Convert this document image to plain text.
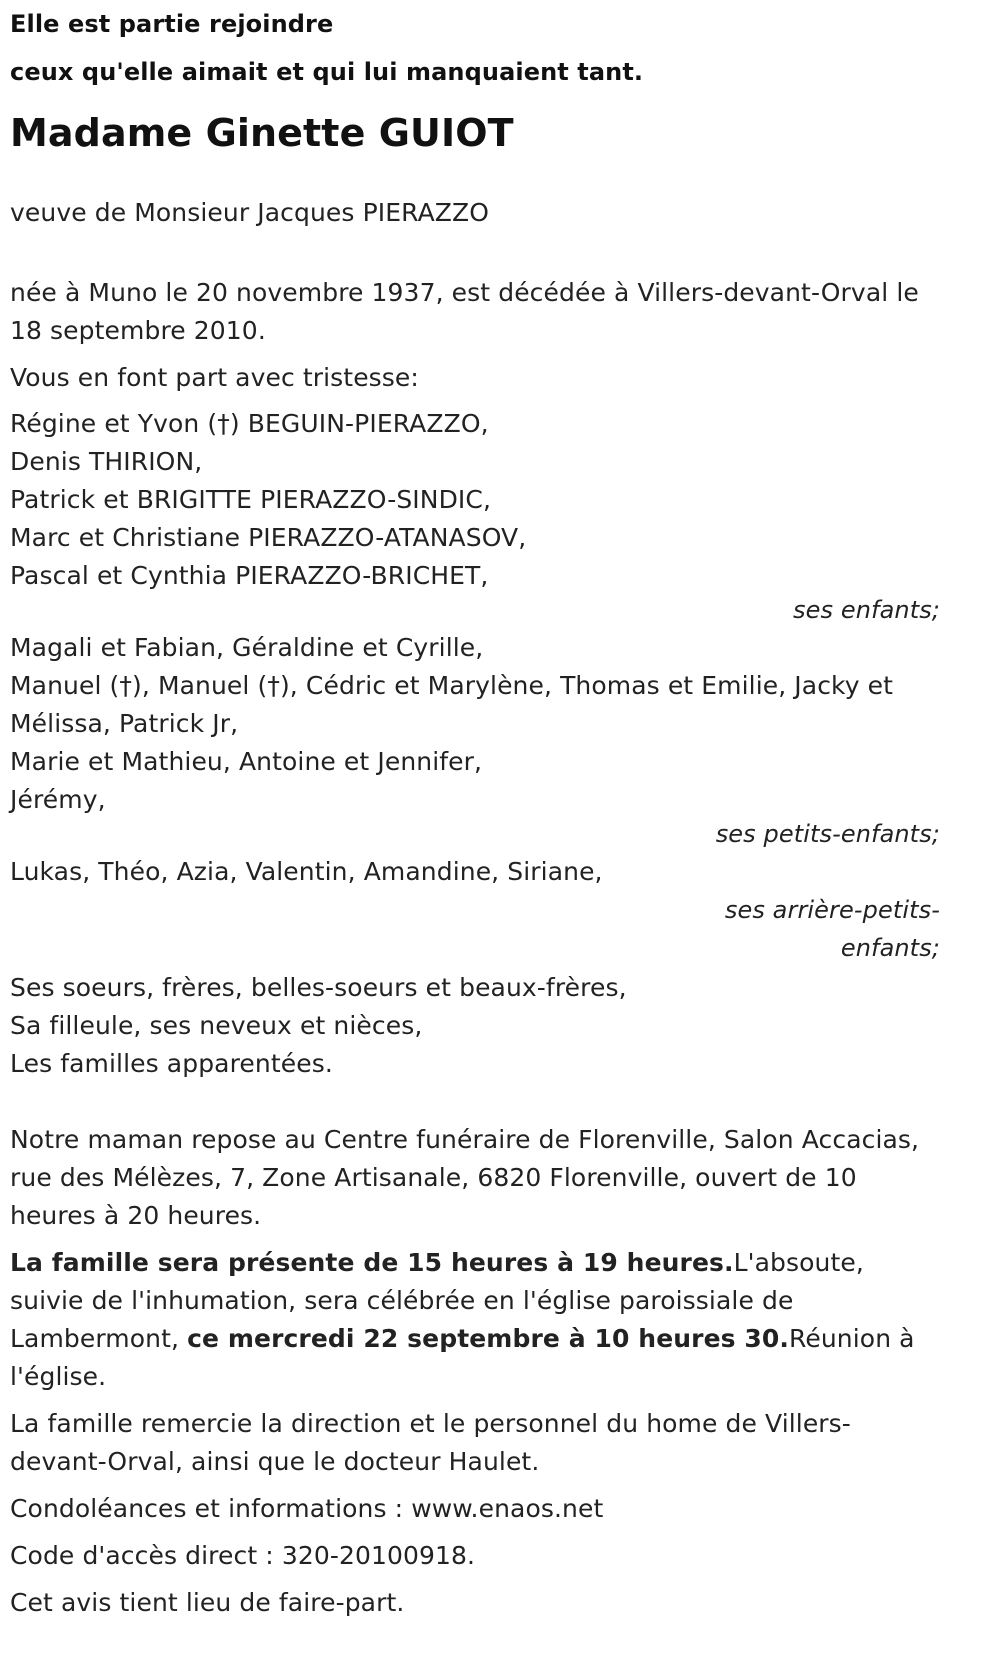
Elle est partie rejoindre

ceux qu'elle aimait et qui lui manquaient tant.

Madame Ginette GUIOT

veuve de Monsieur Jacques PIERAZZO

née à Muno le 20 novembre 1937, est décédée à Villers-devant-Orval le 18 septembre 2010.

Vous en font part avec tristesse:

Régine et Yvon (†) BEGUIN-PIERAZZO,
Denis THIRION,
Patrick et BRIGITTE PIERAZZO-SINDIC,
Marc et Christiane PIERAZZO-ATANASOV,
Pascal et Cynthia PIERAZZO-BRICHET,

ses enfants;

Magali et Fabian, Géraldine et Cyrille,
Manuel (†), Manuel (†), Cédric et Marylène, Thomas et Emilie, Jacky et Mélissa, Patrick Jr,
Marie et Mathieu, Antoine et Jennifer,
Jérémy,

ses petits-enfants;

Lukas, Théo, Azia, Valentin, Amandine, Siriane,

ses arrière-petits-
enfants;

Ses soeurs, frères, belles-soeurs et beaux-frères,
Sa filleule, ses neveux et nièces,
Les familles apparentées.

Notre maman repose au Centre funéraire de Florenville, Salon Accacias, rue des Mélèzes, 7, Zone Artisanale, 6820 Florenville, ouvert de 10 heures à 20 heures.

La famille sera présente de 15 heures à 19 heures.L'absoute, suivie de l'inhumation, sera célébrée en l'église paroissiale de Lambermont, ce mercredi 22 septembre à 10 heures 30.Réunion à l'église.

La famille remercie la direction et le personnel du home de Villers-devant-Orval, ainsi que le docteur Haulet.

Condoléances et informations : www.enaos.net

Code d'accès direct : 320-20100918.

Cet avis tient lieu de faire-part.
